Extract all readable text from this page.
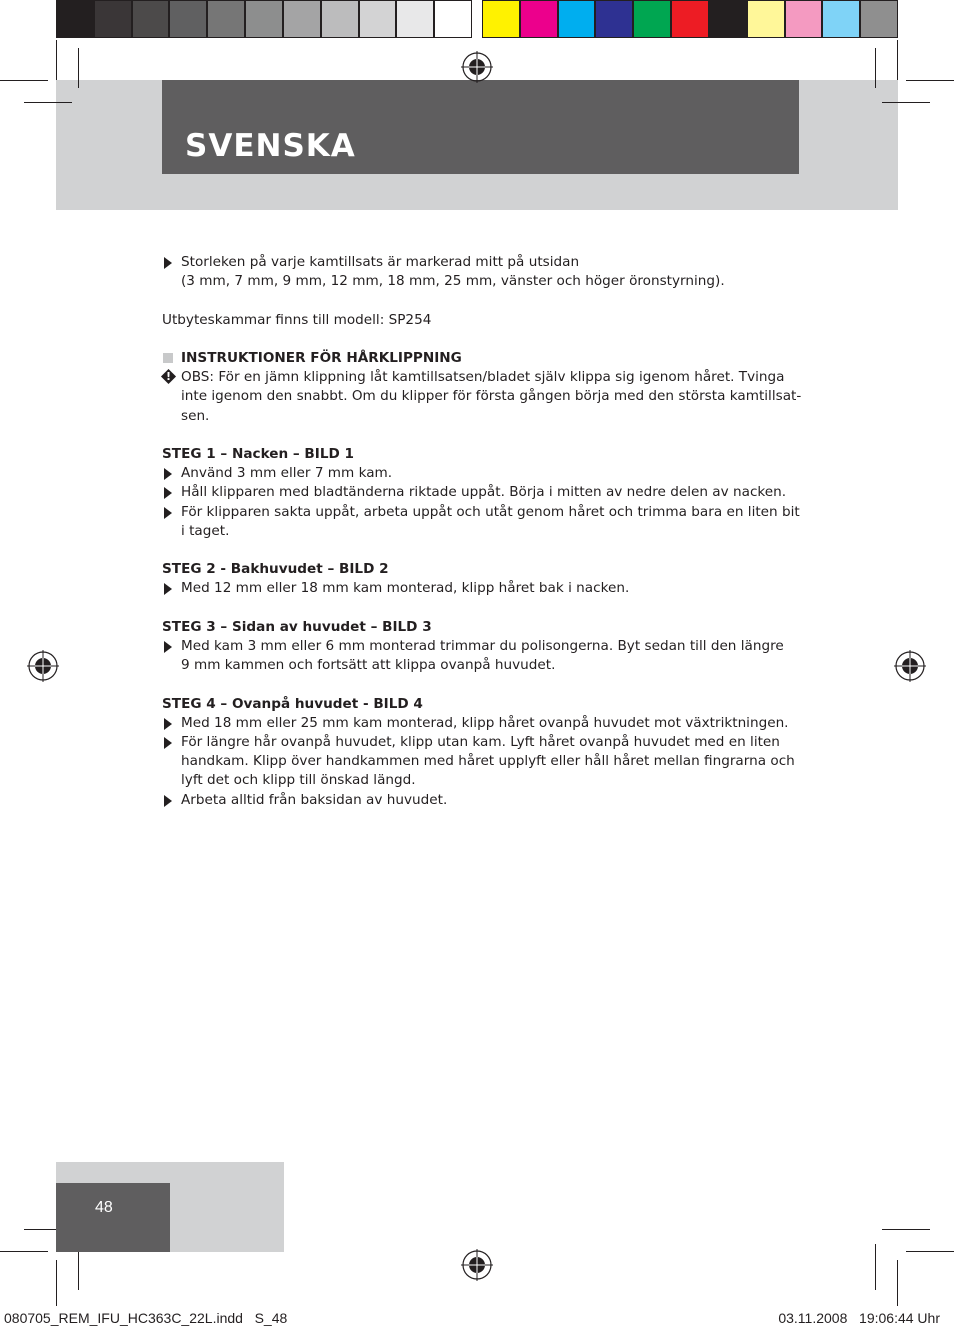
SVENSKA
Storleken på varje kamtillsats är markerad mitt på utsidan
(3 mm, 7 mm, 9 mm, 12 mm, 18 mm, 25 mm, vänster och höger öronstyrning).
Utbyteskammar finns till modell: SP254
INSTRUKTIONER FÖR HÅRKLIPPNING
! OBS: För en jämn klippning låt kamtillsatsen/bladet själv klippa sig igenom håret. Tvinga
inte igenom den snabbt. Om du klipper för första gången börja med den största kamtillsat-
sen.
STEG 1 – Nacken – BILD 1
Använd 3 mm eller 7 mm kam.
Håll klipparen med bladtänderna riktade uppåt. Börja i mitten av nedre delen av nacken.
För klipparen sakta uppåt, arbeta uppåt och utåt genom håret och trimma bara en liten bit
i taget.
STEG 2 - Bakhuvudet – BILD 2
Med 12 mm eller 18 mm kam monterad, klipp håret bak i nacken.
STEG 3 – Sidan av huvudet – BILD 3
Med kam 3 mm eller 6 mm monterad trimmar du polisongerna. Byt sedan till den längre
9 mm kammen och fortsätt att klippa ovanpå huvudet.
STEG 4 – Ovanpå huvudet - BILD 4
Med 18 mm eller 25 mm kam monterad, klipp håret ovanpå huvudet mot växtriktningen.
För längre hår ovanpå huvudet, klipp utan kam. Lyft håret ovanpå huvudet med en liten
handkam. Klipp över handkammen med håret upplyft eller håll håret mellan fingrarna och
lyft det och klipp till önskad längd.
Arbeta alltid från baksidan av huvudet.
48
080705_REM_IFU_HC363C_22L.indd   S_48	03.11.2008   19:06:44 Uhr
